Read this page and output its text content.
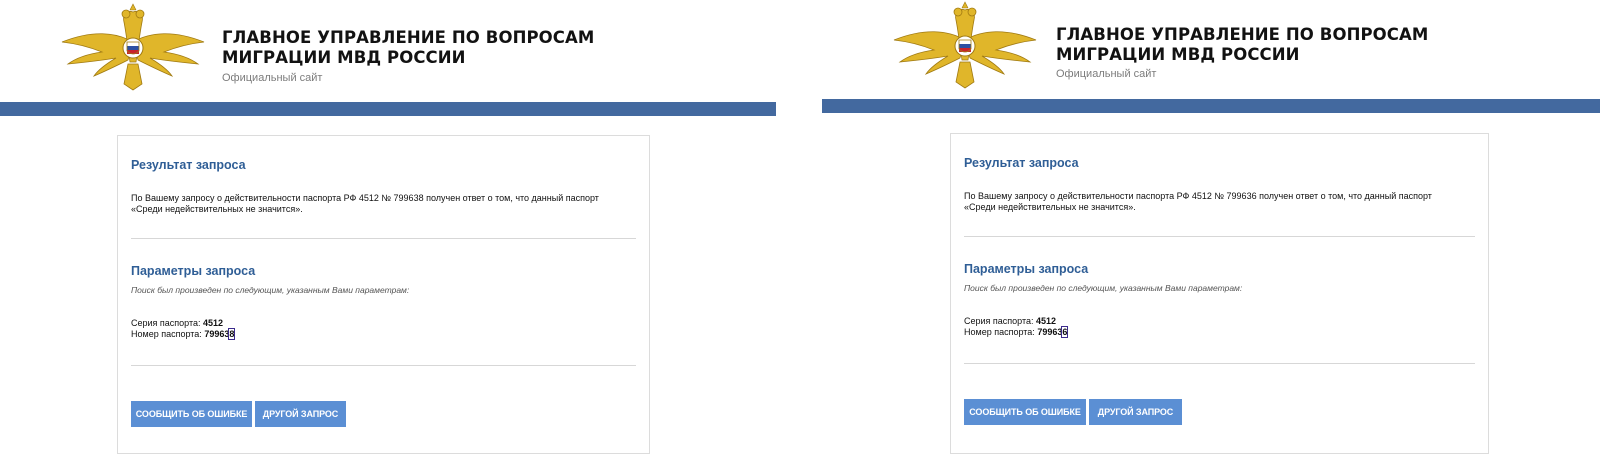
ГЛАВНОЕ УПРАВЛЕНИЕ ПО ВОПРОСАМ
МИГРАЦИИ МВД РОССИИ
Официальный сайт
Результат запроса
По Вашему запросу о действительности паспорта РФ 4512 № 799638 получен ответ о том, что данный паспорт «Среди недействительных не значится».
Параметры запроса
Поиск был произведен по следующим, указанным Вами параметрам:
Серия паспорта: 4512
Номер паспорта: 799638
СООБЩИТЬ ОБ ОШИБКЕ	ДРУГОЙ ЗАПРОС
ГЛАВНОЕ УПРАВЛЕНИЕ ПО ВОПРОСАМ
МИГРАЦИИ МВД РОССИИ
Официальный сайт
Результат запроса
По Вашему запросу о действительности паспорта РФ 4512 № 799636 получен ответ о том, что данный паспорт «Среди недействительных не значится».
Параметры запроса
Поиск был произведен по следующим, указанным Вами параметрам:
Серия паспорта: 4512
Номер паспорта: 799636
СООБЩИТЬ ОБ ОШИБКЕ	ДРУГОЙ ЗАПРОС
